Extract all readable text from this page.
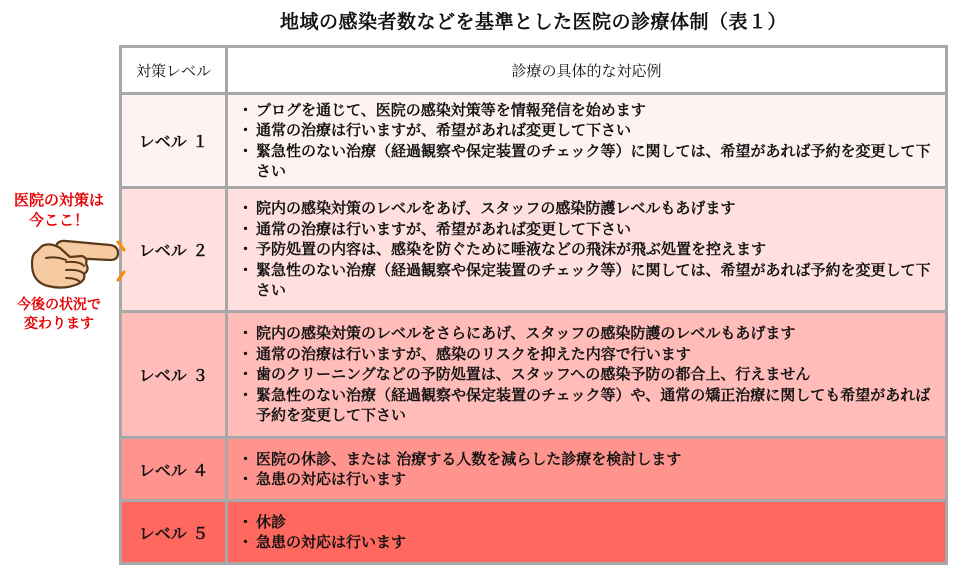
地域の感染者数などを基準とした医院の診療体制（表１）
対策レベル	診療の具体的な対応例
レベル １	・ ブログを通じて、医院の感染対策等を情報発信を始めます
・ 通常の治療は行いますが、希望があれば変更して下さい
・ 緊急性のない治療（経過観察や保定装置のチェック等）に関しては、希望があれば予約を変更して下さい

レベル ２	・ 院内の感染対策のレベルをあげ、スタッフの感染防護レベルもあげます
・ 通常の治療は行いますが、希望があれば変更して下さい
・ 予防処置の内容は、感染を防ぐために唾液などの飛沫が飛ぶ処置を控えます
・ 緊急性のない治療（経過観察や保定装置のチェック等）に関しては、希望があれば予約を変更して下さい

レベル ３	・ 院内の感染対策のレベルをさらにあげ、スタッフの感染防護のレベルもあげます
・ 通常の治療は行いますが、感染のリスクを抑えた内容で行います
・ 歯のクリーニングなどの予防処置は、スタッフへの感染予防の都合上、行えません
・ 緊急性のない治療（経過観察や保定装置のチェック等）や、通常の矯正治療に関しても希望があれば予約を変更して下さい

レベル ４	・ 医院の休診、または 治療する人数を減らした診療を検討します
・ 急患の対応は行います

レベル ５	・ 休診
・ 急患の対応は行います
医院の対策は
今ここ！
今後の状況で
変わります
